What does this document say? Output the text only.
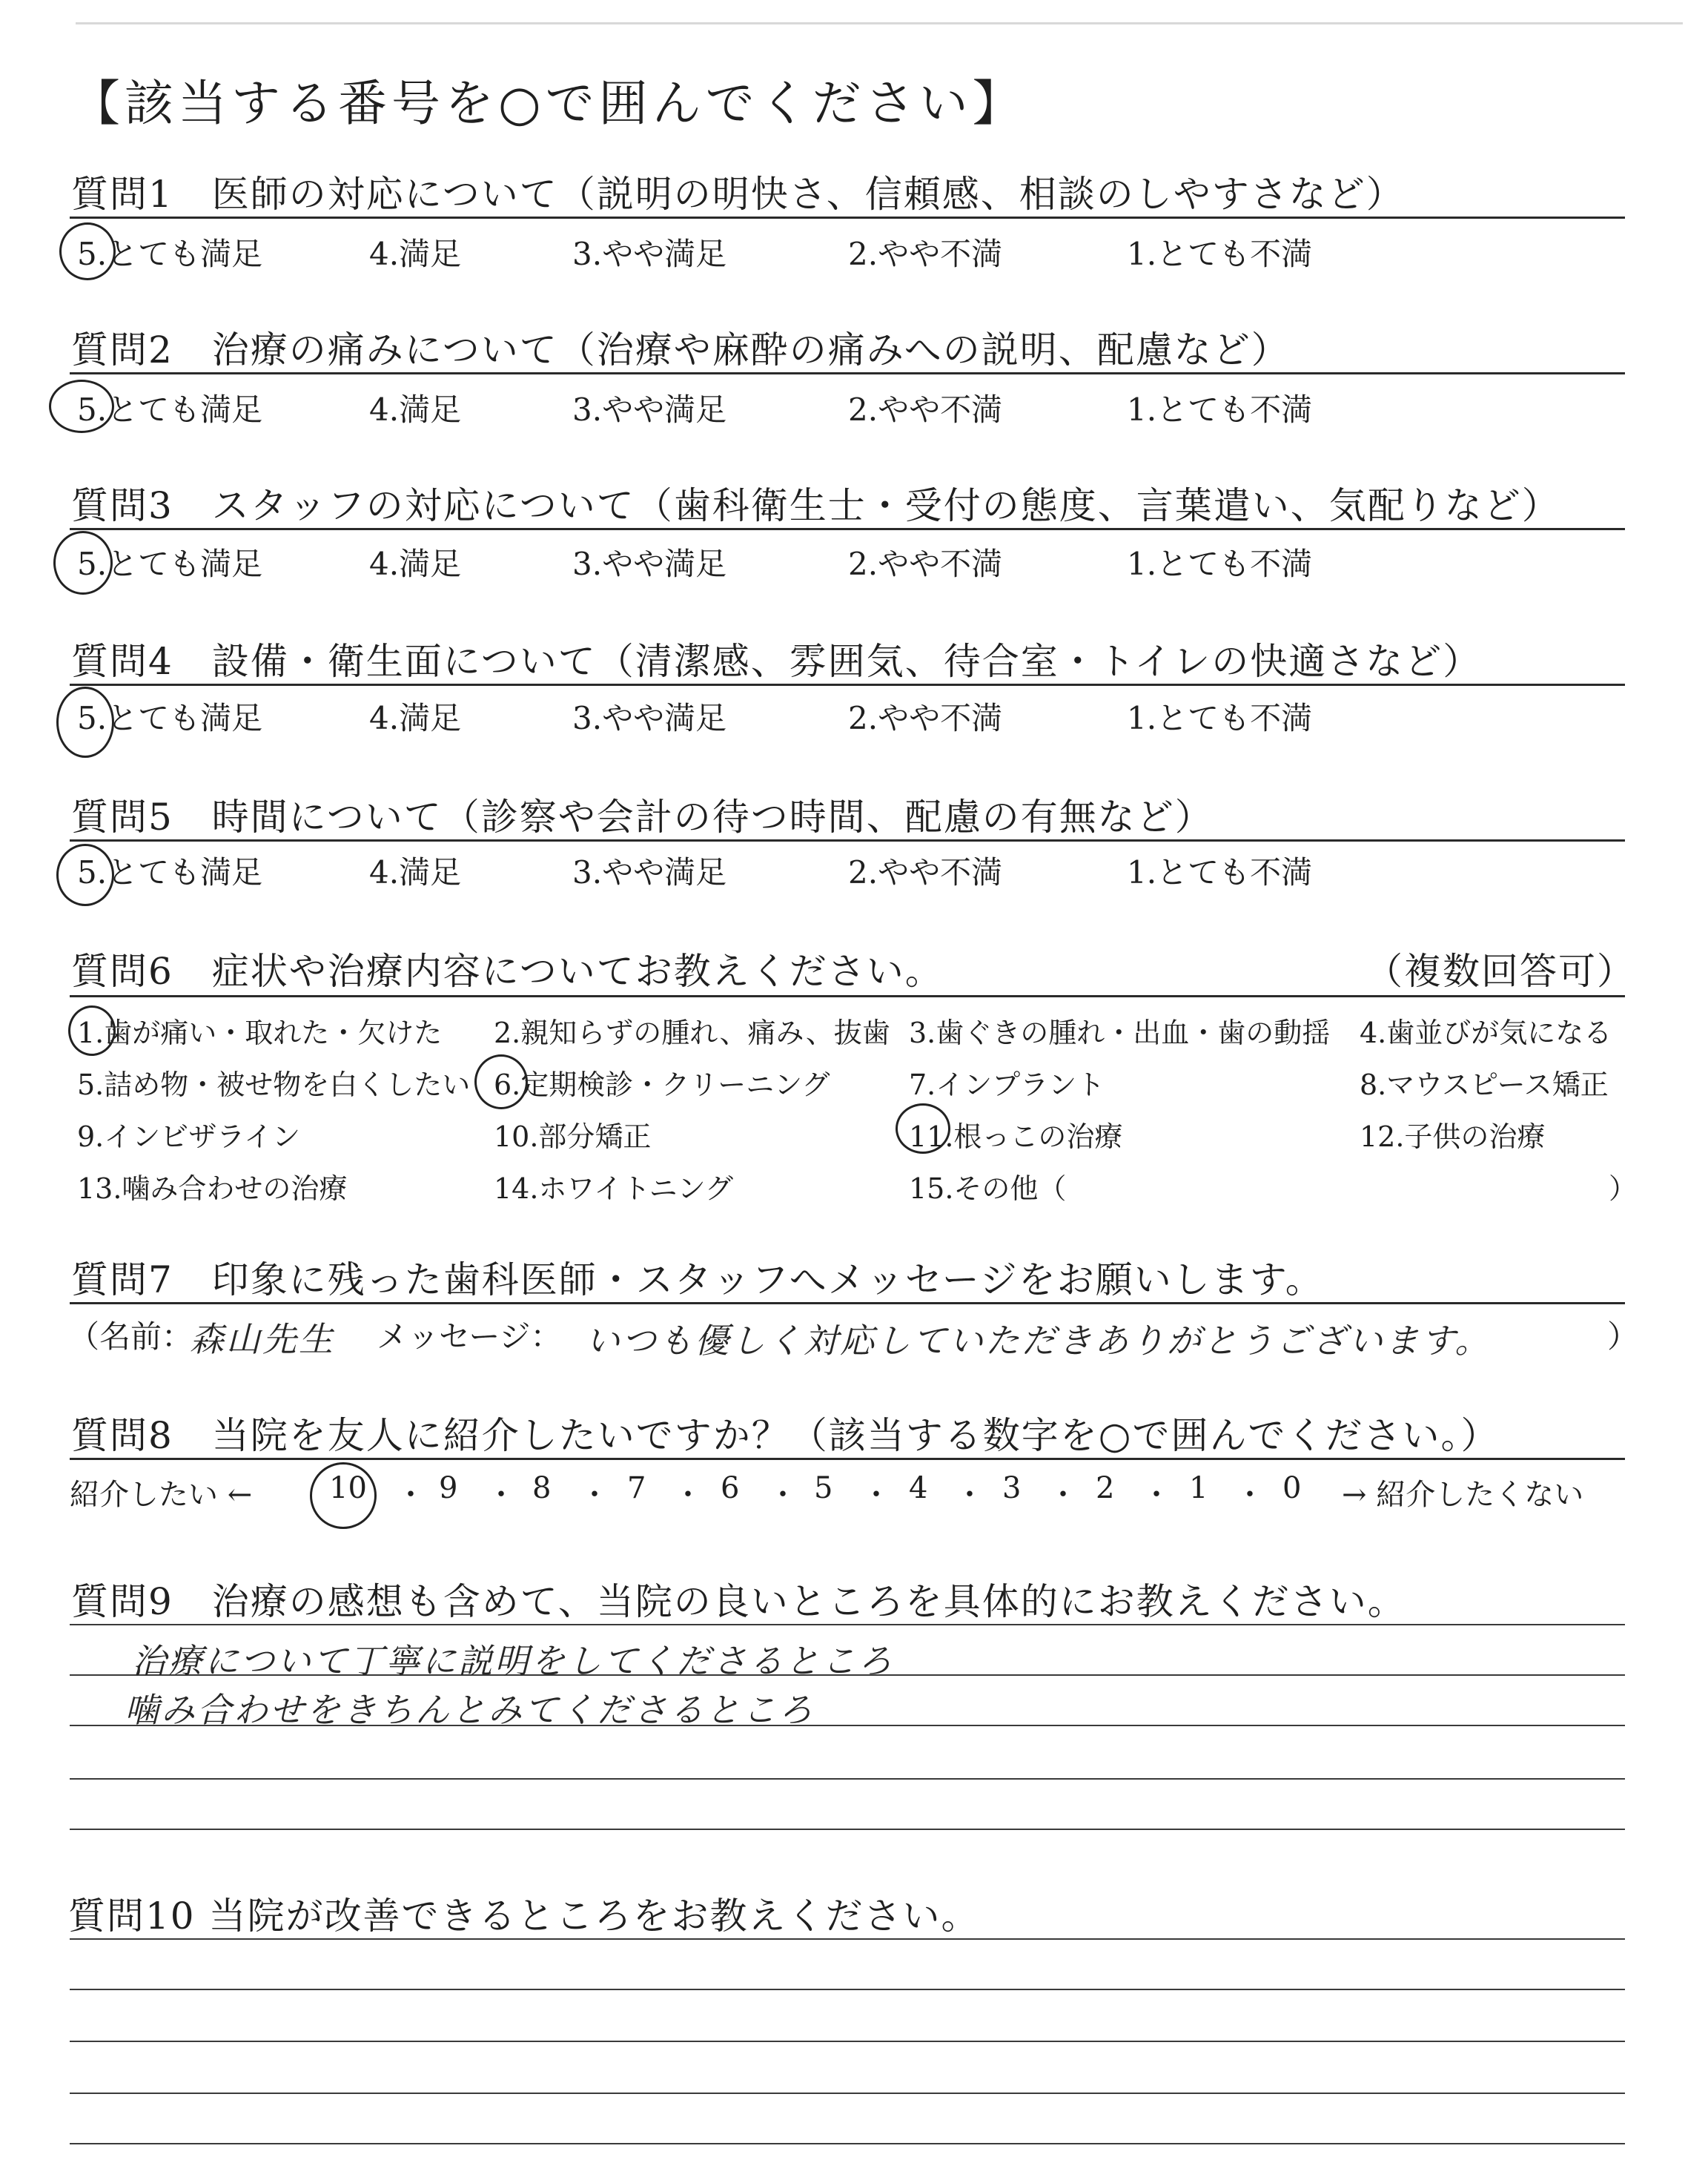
【該当する番号を○で囲んでください】
質問1　医師の対応について（説明の明快さ、信頼感、相談のしやすさなど）
5.とても満足	4.満足	3.やや満足	2.やや不満	1.とても不満
質問2　治療の痛みについて（治療や麻酔の痛みへの説明、配慮など）
5.とても満足	4.満足	3.やや満足	2.やや不満	1.とても不満
質問3　スタッフの対応について（歯科衛生士・受付の態度、言葉遣い、気配りなど）
5.とても満足	4.満足	3.やや満足	2.やや不満	1.とても不満
質問4　設備・衛生面について（清潔感、雰囲気、待合室・トイレの快適さなど）
5.とても満足	4.満足	3.やや満足	2.やや不満	1.とても不満
質問5　時間について（診察や会計の待つ時間、配慮の有無など）
5.とても満足	4.満足	3.やや満足	2.やや不満	1.とても不満
質問6　症状や治療内容についてお教えください。	（複数回答可）
1.歯が痛い・取れた・欠けた 2.親知らずの腫れ、痛み、抜歯 3.歯ぐきの腫れ・出血・歯の動揺 4.歯並びが気になる
5.詰め物・被せ物を白くしたい 6.定期検診・クリーニング	7.インプラント	8.マウスピース矯正
9.インビザライン	10.部分矯正	11.根っこの治療	12.子供の治療
13.噛み合わせの治療	14.ホワイトニング	15.その他（	）
質問7　印象に残った歯科医師・スタッフへメッセージをお願いします。
（名前：
森山先生 メッセージ： いつも優しく対応していただきありがとうございます。	）
質問8　当院を友人に紹介したいですか？（該当する数字を○で囲んでください。）
紹介したい ←	10 ・ 9 ・ 8 ・ 7 ・ 6 ・ 5 ・ 4 ・ 3 ・ 2 ・ 1 ・ 0 → 紹介したくない
質問9　治療の感想も含めて、当院の良いところを具体的にお教えください。
治療について丁寧に説明をしてくださるところ
噛み合わせをきちんとみてくださるところ
質問10 当院が改善できるところをお教えください。
